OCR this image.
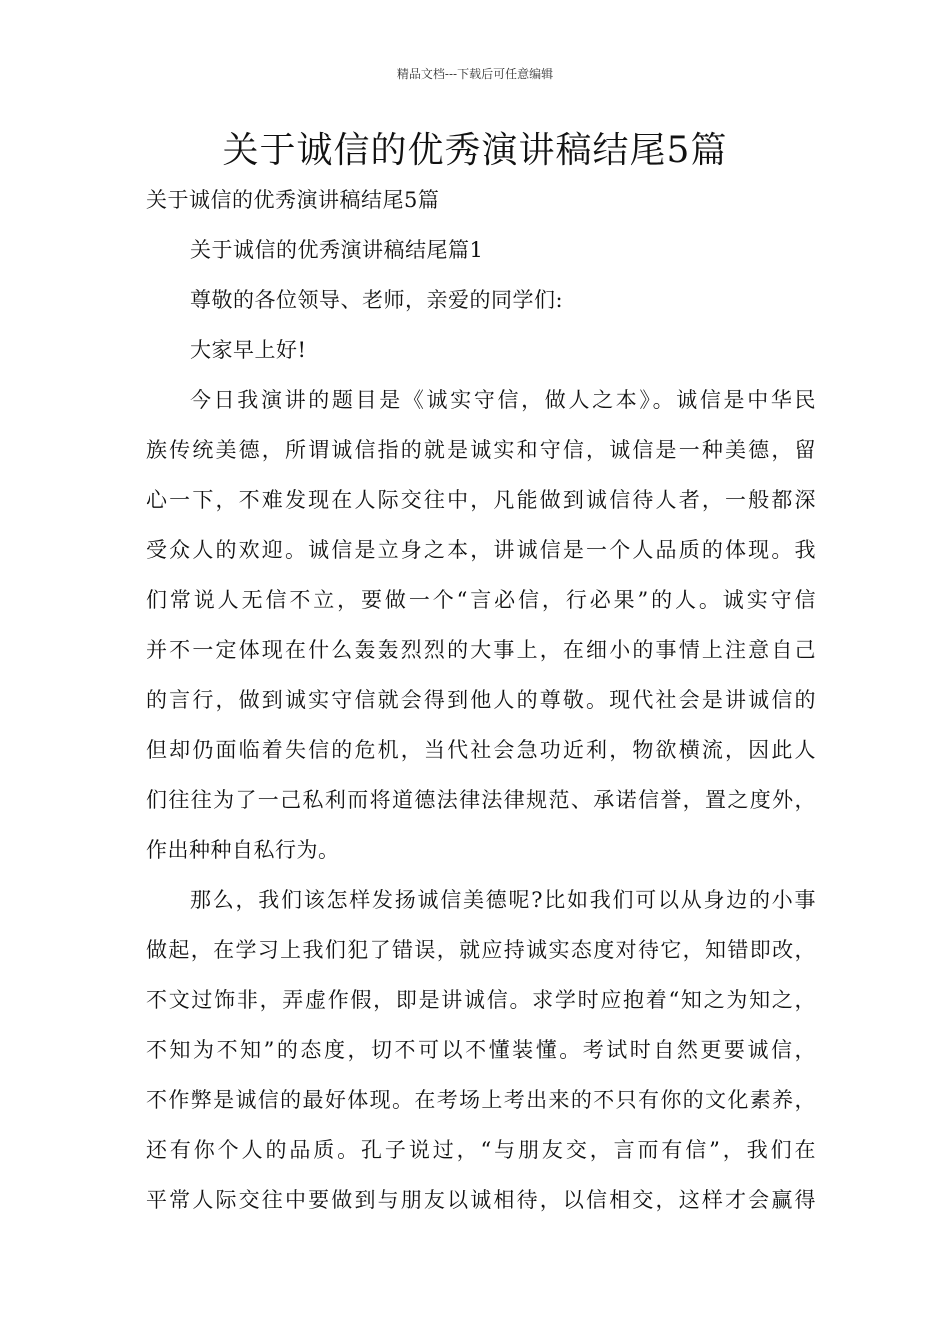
精品文档---下载后可任意编辑
关于诚信的优秀演讲稿结尾5篇
关于诚信的优秀演讲稿结尾5篇
关于诚信的优秀演讲稿结尾篇1
尊敬的各位领导、老师，亲爱的同学们:
大家早上好!
今日我演讲的题目是《诚实守信，做人之本》。诚信是中华民
族传统美德，所谓诚信指的就是诚实和守信，诚信是一种美德，留
心一下，不难发现在人际交往中，凡能做到诚信待人者，一般都深
受众人的欢迎。诚信是立身之本，讲诚信是一个人品质的体现。我
们常说人无信不立，要做一个“言必信，行必果”的人。诚实守信
并不一定体现在什么轰轰烈烈的大事上，在细小的事情上注意自己
的言行，做到诚实守信就会得到他人的尊敬。现代社会是讲诚信的
但却仍面临着失信的危机，当代社会急功近利，物欲横流，因此人
们往往为了一己私利而将道德法律法律规范、承诺信誉，置之度外，
作出种种自私行为。
那么，我们该怎样发扬诚信美德呢?比如我们可以从身边的小事
做起，在学习上我们犯了错误，就应持诚实态度对待它，知错即改，
不文过饰非，弄虚作假，即是讲诚信。求学时应抱着“知之为知之，
不知为不知”的态度，切不可以不懂装懂。考试时自然更要诚信，
不作弊是诚信的最好体现。在考场上考出来的不只有你的文化素养，
还有你个人的品质。孔子说过，“与朋友交，言而有信”，我们在
平常人际交往中要做到与朋友以诚相待，以信相交，这样才会赢得
